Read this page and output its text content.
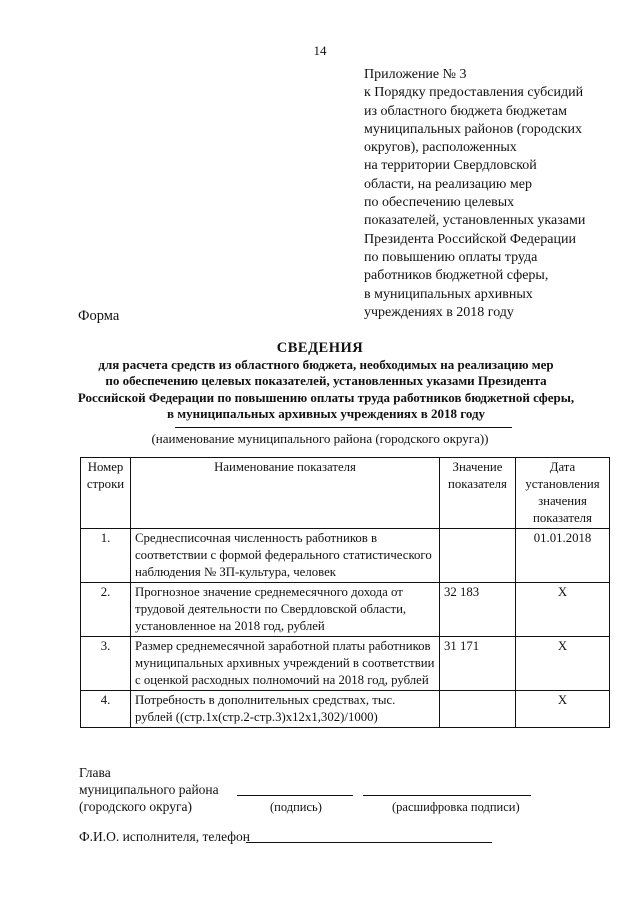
14
Приложение № 3
к Порядку предоставления субсидий
из областного бюджета бюджетам
муниципальных районов (городских
округов), расположенных
на территории Свердловской
области, на реализацию мер
по обеспечению целевых
показателей, установленных указами
Президента Российской Федерации
по повышению оплаты труда
работников бюджетной сферы,
в муниципальных архивных
учреждениях в 2018 году
Форма
СВЕДЕНИЯ
для расчета средств из областного бюджета, необходимых на реализацию мер
по обеспечению целевых показателей, установленных указами Президента
Российской Федерации по повышению оплаты труда работников бюджетной сферы,
в муниципальных архивных учреждениях в 2018 году
(наименование муниципального района (городского округа))
Номер строки	Наименование показателя	Значение показателя	Дата установления значения показателя
1.	Среднесписочная численность работников в соответствии с формой федерального статистического наблюдения № ЗП-культура, человек		01.01.2018
2.	Прогнозное значение среднемесячного дохода от трудовой деятельности по Свердловской области, установленное на 2018 год, рублей	32 183	Х
3.	Размер среднемесячной заработной платы работников муниципальных архивных учреждений в соответствии с оценкой расходных полномочий на 2018 год, рублей	31 171	Х
4.	Потребность в дополнительных средствах, тыс. рублей ((стр.1х(стр.2-стр.3)х12х1,302)/1000)		Х
Глава
муниципального района
(городского округа)	(подпись)	(расшифровка подписи)
Ф.И.О. исполнителя, телефон
